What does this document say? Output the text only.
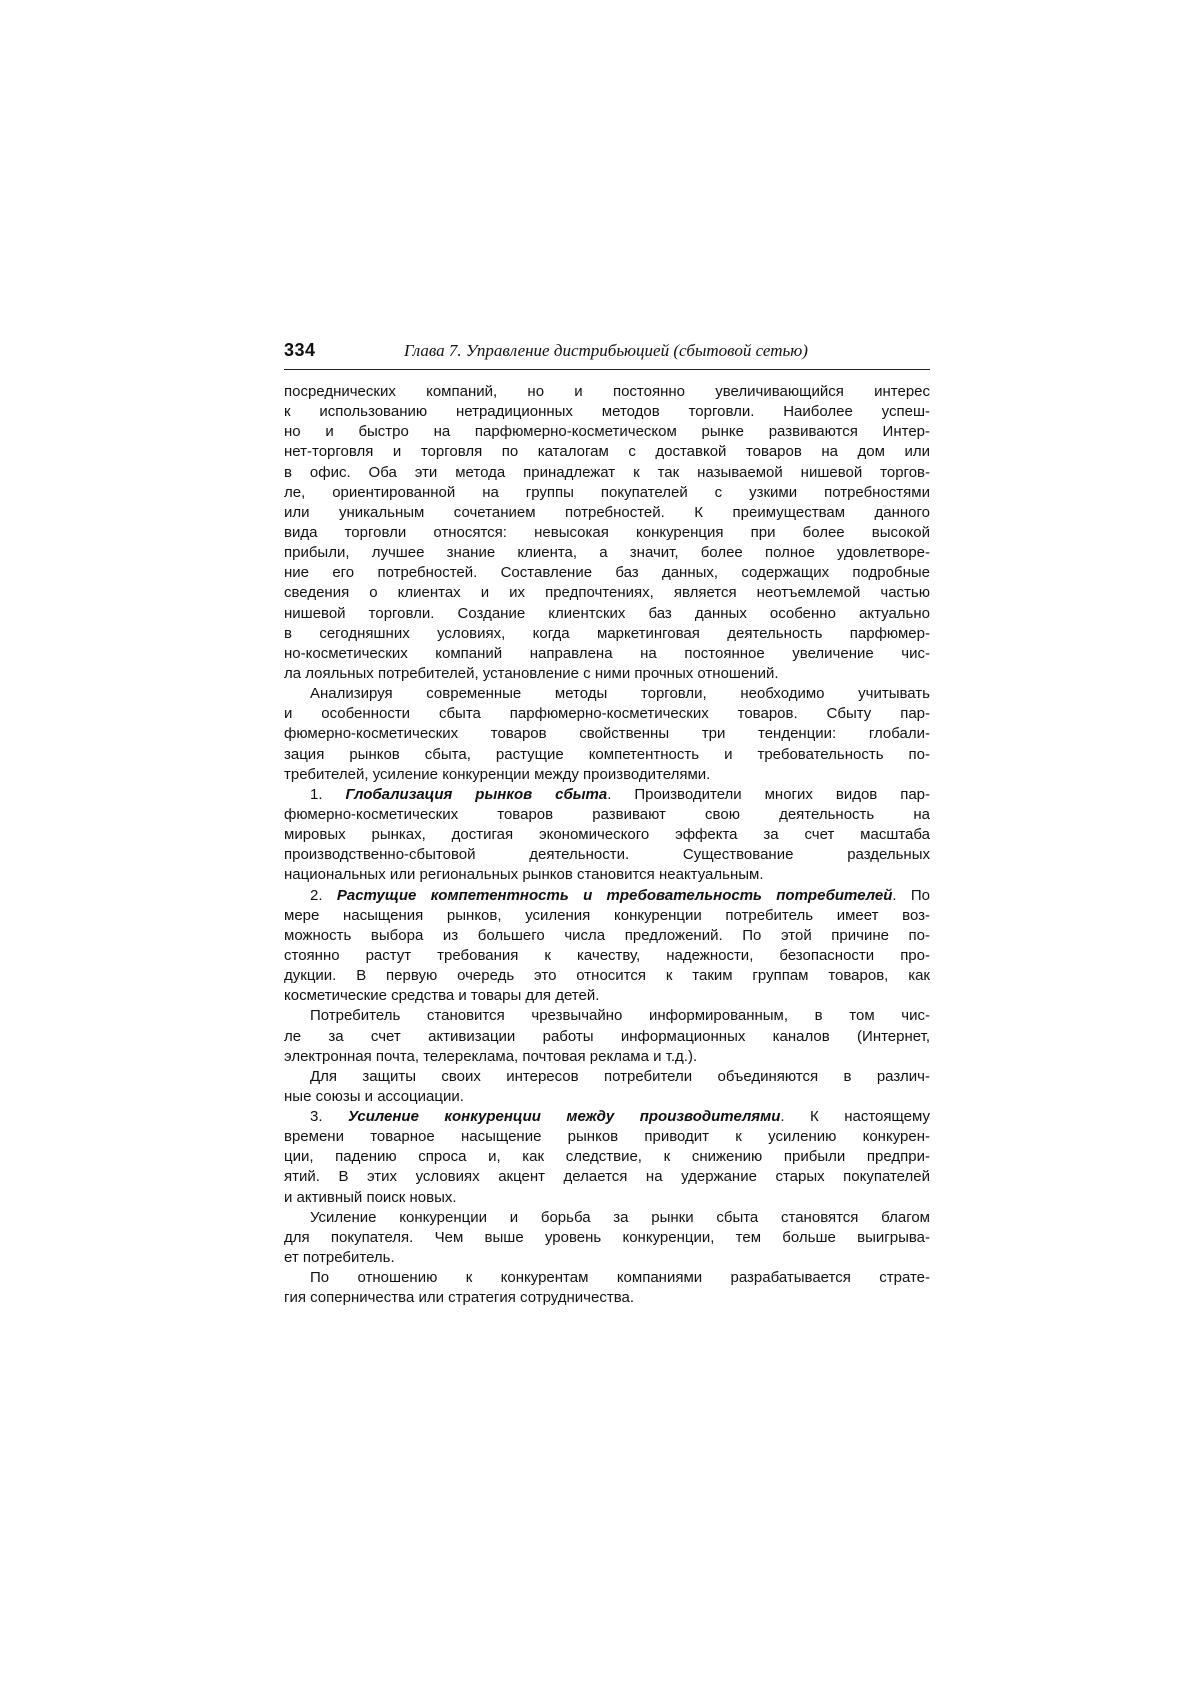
334	Глава 7. Управление дистрибьюцией (сбытовой сетью)
посреднических компаний, но и постоянно увеличивающийся интерес
к использованию нетрадиционных методов торговли. Наиболее успеш-
но и быстро на парфюмерно-косметическом рынке развиваются Интер-
нет-торговля и торговля по каталогам с доставкой товаров на дом или
в офис. Оба эти метода принадлежат к так называемой нишевой торгов-
ле, ориентированной на группы покупателей с узкими потребностями
или уникальным сочетанием потребностей. К преимуществам данного
вида торговли относятся: невысокая конкуренция при более высокой
прибыли, лучшее знание клиента, а значит, более полное удовлетворе-
ние его потребностей. Составление баз данных, содержащих подробные
сведения о клиентах и их предпочтениях, является неотъемлемой частью
нишевой торговли. Создание клиентских баз данных особенно актуально
в сегодняшних условиях, когда маркетинговая деятельность парфюмер-
но-косметических компаний направлена на постоянное увеличение чис-
ла лояльных потребителей, установление с ними прочных отношений.
Анализируя современные методы торговли, необходимо учитывать
и особенности сбыта парфюмерно-косметических товаров. Сбыту пар-
фюмерно-косметических товаров свойственны три тенденции: глобали-
зация рынков сбыта, растущие компетентность и требовательность по-
требителей, усиление конкуренции между производителями.
1. Глобализация рынков сбыта. Производители многих видов пар-
фюмерно-косметических товаров развивают свою деятельность на
мировых рынках, достигая экономического эффекта за счет масштаба
производственно-сбытовой деятельности. Существование раздельных
национальных или региональных рынков становится неактуальным.
2. Растущие компетентность и требовательность потребителей. По
мере насыщения рынков, усиления конкуренции потребитель имеет воз-
можность выбора из большего числа предложений. По этой причине по-
стоянно растут требования к качеству, надежности, безопасности про-
дукции. В первую очередь это относится к таким группам товаров, как
косметические средства и товары для детей.
Потребитель становится чрезвычайно информированным, в том чис-
ле за счет активизации работы информационных каналов (Интернет,
электронная почта, телереклама, почтовая реклама и т.д.).
Для защиты своих интересов потребители объединяются в различ-
ные союзы и ассоциации.
3. Усиление конкуренции между производителями. К настоящему
времени товарное насыщение рынков приводит к усилению конкурен-
ции, падению спроса и, как следствие, к снижению прибыли предпри-
ятий. В этих условиях акцент делается на удержание старых покупателей
и активный поиск новых.
Усиление конкуренции и борьба за рынки сбыта становятся благом
для покупателя. Чем выше уровень конкуренции, тем больше выигрыва-
ет потребитель.
По отношению к конкурентам компаниями разрабатывается страте-
гия соперничества или стратегия сотрудничества.
